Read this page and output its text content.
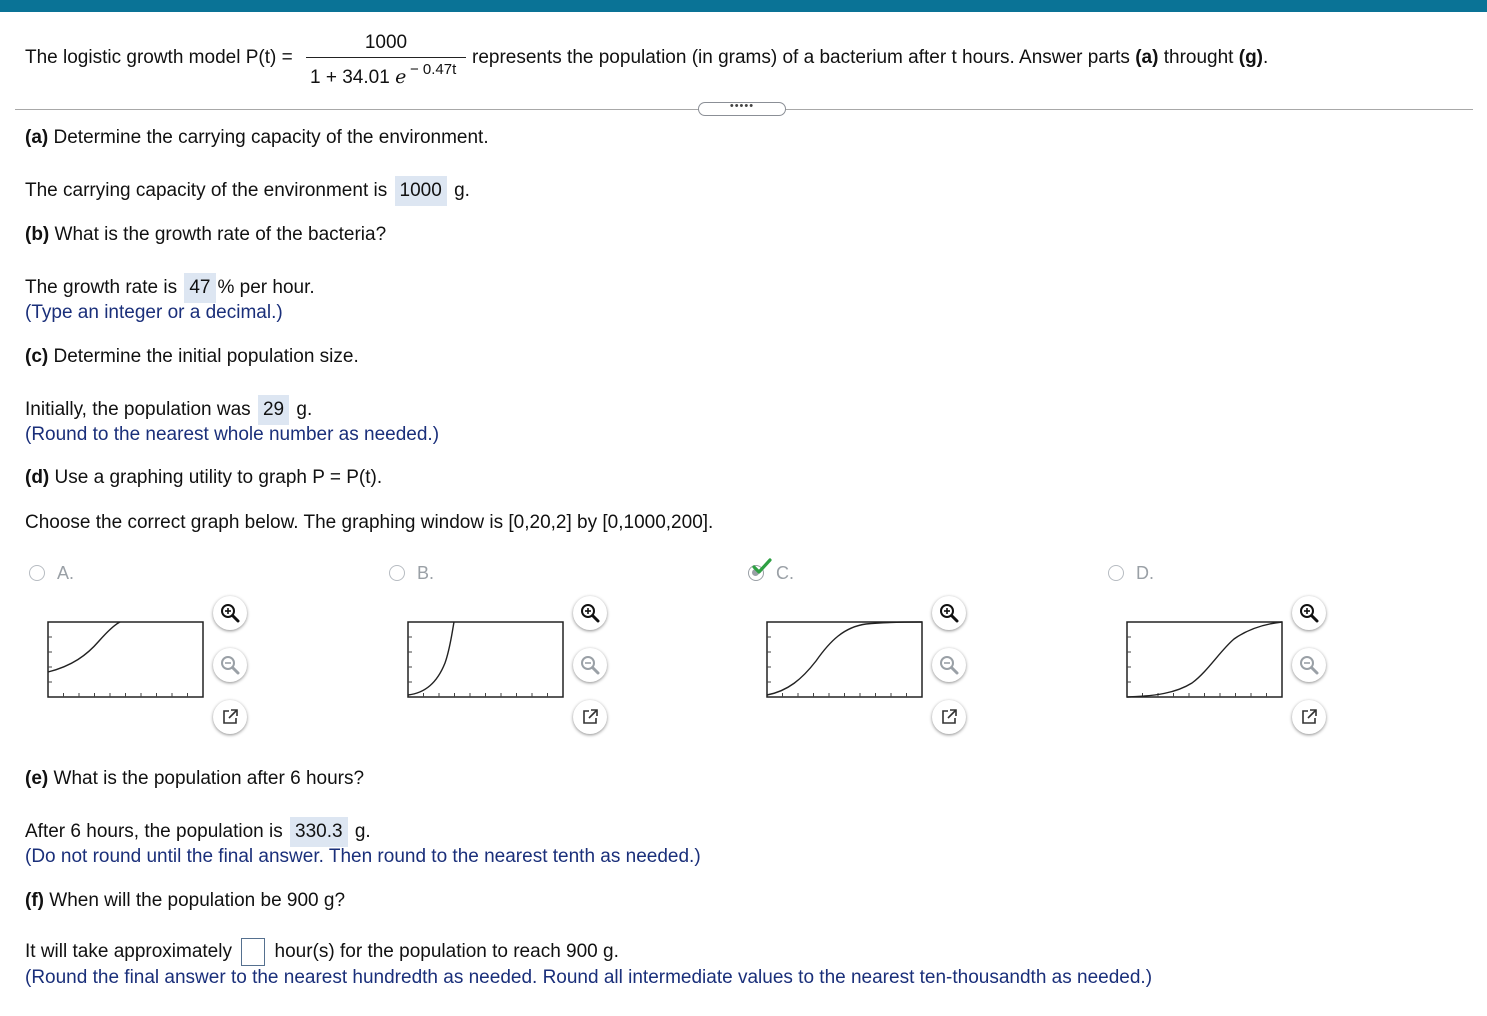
The logistic growth model P(t) =
1000
1 + 34.01 e − 0.47t
represents the population (in grams) of a bacterium after t hours. Answer parts (a) throught (g).
•••••
(a) Determine the carrying capacity of the environment.
The carrying capacity of the environment is 1000 g.
(b) What is the growth rate of the bacteria?
The growth rate is 47 % per hour.
(Type an integer or a decimal.)
(c) Determine the initial population size.
Initially, the population was 29 g.
(Round to the nearest whole number as needed.)
(d) Use a graphing utility to graph P = P(t).
Choose the correct graph below. The graphing window is [0,20,2] by [0,1000,200].
A.	B.	C.	D.
(e) What is the population after 6 hours?
After 6 hours, the population is 330.3 g.
(Do not round until the final answer. Then round to the nearest tenth as needed.)
(f) When will the population be 900 g?
It will take approximately hour(s) for the population to reach 900 g.
(Round the final answer to the nearest hundredth as needed. Round all intermediate values to the nearest ten-thousandth as needed.)
